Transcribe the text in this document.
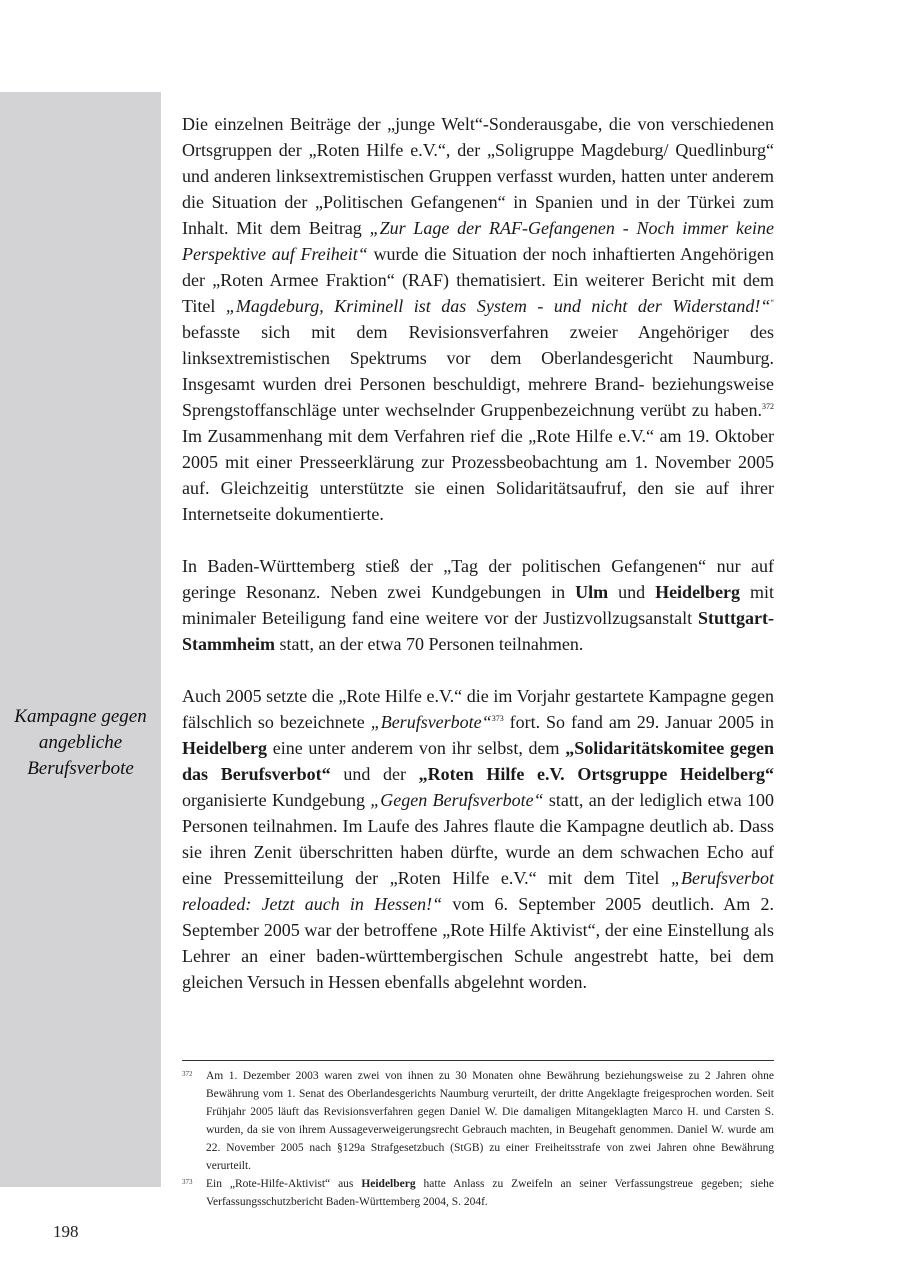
Kampagne gegen
angebliche
Berufsverbote

Die einzelnen Beiträge der „junge Welt“-Sonderausgabe, die von verschiedenen Ortsgruppen der „Roten Hilfe e.V.“, der „Soligruppe Magdeburg/ Quedlinburg“ und anderen linksextremistischen Gruppen verfasst wurden, hatten unter anderem die Situation der „Politischen Gefangenen“ in Spanien und in der Türkei zum Inhalt. Mit dem Beitrag „Zur Lage der RAF-Gefangenen - Noch immer keine Perspektive auf Freiheit“ wurde die Situation der noch inhaftierten Angehörigen der „Roten Armee Fraktion“ (RAF) thematisiert. Ein weiterer Bericht mit dem Titel „Magdeburg, Kriminell ist das System - und nicht der Widerstand!““ befasste sich mit dem Revisionsverfahren zweier Angehöriger des linksextremistischen Spektrums vor dem Oberlandesgericht Naumburg. Insgesamt wurden drei Personen beschuldigt, mehrere Brand- beziehungsweise Sprengstoffanschläge unter wechselnder Gruppenbezeichnung verübt zu haben.$^{372}$ Im Zusammenhang mit dem Verfahren rief die „Rote Hilfe e.V.“ am 19. Oktober 2005 mit einer Presseerklärung zur Prozessbeobachtung am 1. November 2005 auf. Gleichzeitig unterstützte sie einen Solidaritätsaufruf, den sie auf ihrer Internetseite dokumentierte.

In Baden-Württemberg stieß der „Tag der politischen Gefangenen“ nur auf geringe Resonanz. Neben zwei Kundgebungen in Ulm und Heidelberg mit minimaler Beteiligung fand eine weitere vor der Justizvollzugsanstalt Stuttgart-Stammheim statt, an der etwa 70 Personen teilnahmen.

Auch 2005 setzte die „Rote Hilfe e.V.“ die im Vorjahr gestartete Kampagne gegen fälschlich so bezeichnete „Berufsverbote“$^{373}$ fort. So fand am 29. Januar 2005 in Heidelberg eine unter anderem von ihr selbst, dem „Solidaritätskomitee gegen das Berufsverbot“ und der „Roten Hilfe e.V. Ortsgruppe Heidelberg“ organisierte Kundgebung „Gegen Berufsverbote“ statt, an der lediglich etwa 100 Personen teilnahmen. Im Laufe des Jahres flaute die Kampagne deutlich ab. Dass sie ihren Zenit überschritten haben dürfte, wurde an dem schwachen Echo auf eine Pressemitteilung der „Roten Hilfe e.V.“ mit dem Titel „Berufsverbot reloaded: Jetzt auch in Hessen!“ vom 6. September 2005 deutlich. Am 2. September 2005 war der betroffene „Rote Hilfe Aktivist“, der eine Einstellung als Lehrer an einer baden-württembergischen Schule angestrebt hatte, bei dem gleichen Versuch in Hessen ebenfalls abgelehnt worden.

372	Am 1. Dezember 2003 waren zwei von ihnen zu 30 Monaten ohne Bewährung beziehungsweise zu 2 Jahren ohne Bewährung vom 1. Senat des Oberlandesgerichts Naumburg verurteilt, der dritte Angeklagte freigesprochen worden. Seit Frühjahr 2005 läuft das Revisionsverfahren gegen Daniel W. Die damaligen Mitangeklagten Marco H. und Carsten S. wurden, da sie von ihrem Aussageverweigerungsrecht Gebrauch machten, in Beugehaft genommen. Daniel W. wurde am 22. November 2005 nach §129a Strafgesetzbuch (StGB) zu einer Freiheitsstrafe von zwei Jahren ohne Bewährung verurteilt.
373	Ein „Rote-Hilfe-Aktivist“ aus Heidelberg hatte Anlass zu Zweifeln an seiner Verfassungstreue gegeben; siehe Verfassungsschutzbericht Baden-Württemberg 2004, S. 204f.
198
